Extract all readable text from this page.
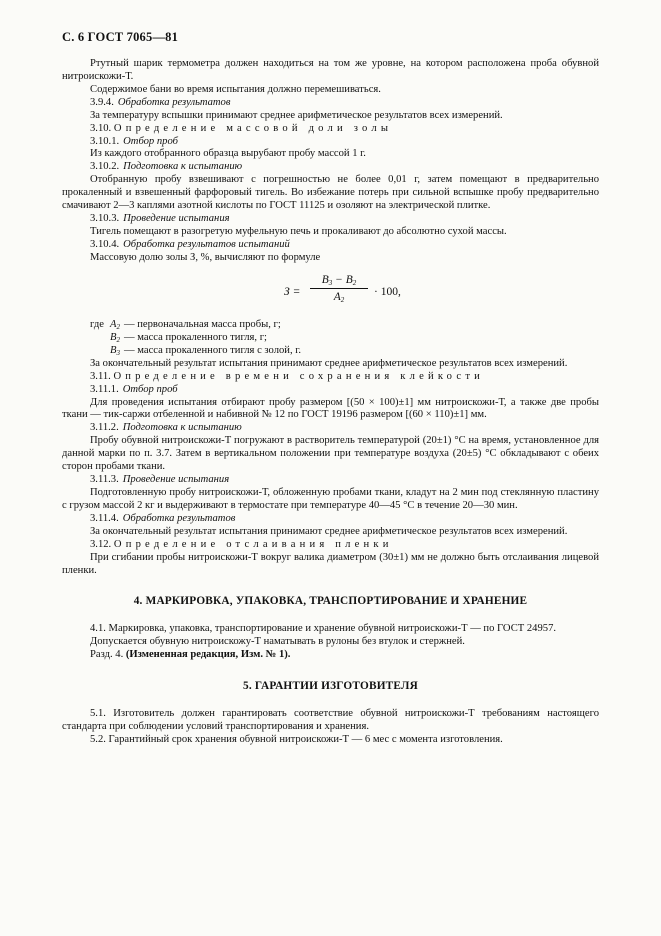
С. 6 ГОСТ 7065—81

Ртутный шарик термометра должен находиться на том же уровне, на котором расположена проба обувной нитроискожи-Т.

Содержимое бани во время испытания должно перемешиваться.

3.9.4. Обработка результатов

За температуру вспышки принимают среднее арифметическое результатов всех измерений.

3.10. Определение массовой доли золы

3.10.1. Отбор проб

Из каждого отобранного образца вырубают пробу массой 1 г.

3.10.2. Подготовка к испытанию

Отобранную пробу взвешивают с погрешностью не более 0,01 г, затем помещают в предварительно прокаленный и взвешенный фарфоровый тигель. Во избежание потерь при сильной вспышке пробу предварительно смачивают 2—3 каплями азотной кислоты по ГОСТ 11125 и озоляют на электрической плитке.

3.10.3. Проведение испытания

Тигель помещают в разогретую муфельную печь и прокаливают до абсолютно сухой массы.

3.10.4. Обработка результатов испытаний

Массовую долю золы З, %, вычисляют по формуле

$З = \frac{B_3 - B_2}{A_2} \cdot 100$,
где $A_2$ — первоначальная масса пробы, г;
$B_2$ — масса прокаленного тигля, г;
$B_3$ — масса прокаленного тигля с золой, г.

За окончательный результат испытания принимают среднее арифметическое результатов всех измерений.

3.11. Определение времени сохранения клейкости

3.11.1. Отбор проб

Для проведения испытания отбирают пробу размером [(50 × 100)±1] мм нитроискожи-Т, а также две пробы ткани — тик-саржи отбеленной и набивной № 12 по ГОСТ 19196 размером [(60 × 110)±1] мм.

3.11.2. Подготовка к испытанию

Пробу обувной нитроискожи-Т погружают в растворитель температурой (20±1) °С на время, установленное для данной марки по п. 3.7. Затем в вертикальном положении при температуре воздуха (20±5) °С обкладывают с обеих сторон пробами ткани.

3.11.3. Проведение испытания

Подготовленную пробу нитроискожи-Т, обложенную пробами ткани, кладут на 2 мин под стеклянную пластину с грузом массой 2 кг и выдерживают в термостате при температуре 40—45 °С в течение 20—30 мин.

3.11.4. Обработка результатов

За окончательный результат испытания принимают среднее арифметическое результатов всех измерений.

3.12. Определение отслаивания пленки

При сгибании пробы нитроискожи-Т вокруг валика диаметром (30±1) мм не должно быть отслаивания лицевой пленки.

4. МАРКИРОВКА, УПАКОВКА, ТРАНСПОРТИРОВАНИЕ И ХРАНЕНИЕ

4.1. Маркировка, упаковка, транспортирование и хранение обувной нитроискожи-Т — по ГОСТ 24957.

Допускается обувную нитроискожу-Т наматывать в рулоны без втулок и стержней.

Разд. 4. (Измененная редакция, Изм. № 1).

5. ГАРАНТИИ ИЗГОТОВИТЕЛЯ

5.1. Изготовитель должен гарантировать соответствие обувной нитроискожи-Т требованиям настоящего стандарта при соблюдении условий транспортирования и хранения.

5.2. Гарантийный срок хранения обувной нитроискожи-Т — 6 мес с момента изготовления.
